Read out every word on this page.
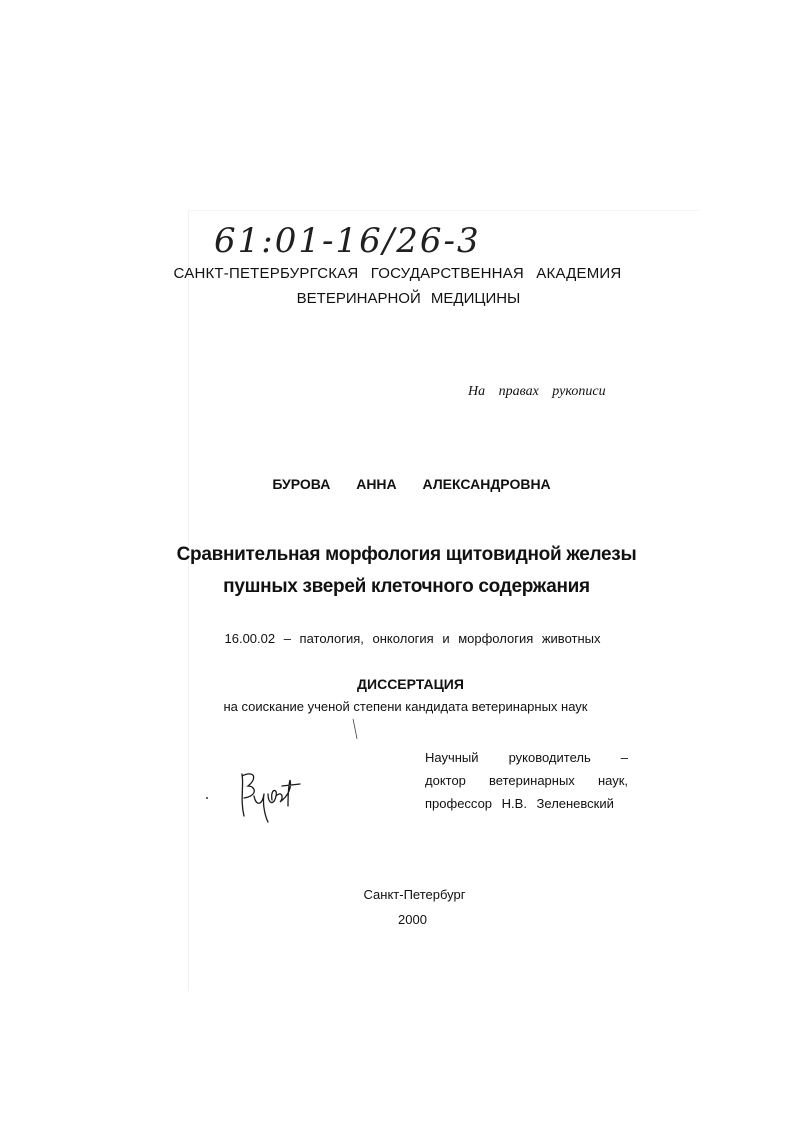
61:01-16/26-3
САНКТ-ПЕТЕРБУРГСКАЯ ГОСУДАРСТВЕННАЯ АКАДЕМИЯ
ВЕТЕРИНАРНОЙ МЕДИЦИНЫ
На правах рукописи
БУРОВА АННА АЛЕКСАНДРОВНА
Сравнительная морфология щитовидной железы
пушных зверей клеточного содержания
16.00.02 – патология, онкология и морфология животных
ДИССЕРТАЦИЯ
на соискание ученой степени кандидата ветеринарных наук
Научный руководитель –
доктор ветеринарных наук,
профессор Н.В. Зеленевский
Санкт-Петербург
2000
